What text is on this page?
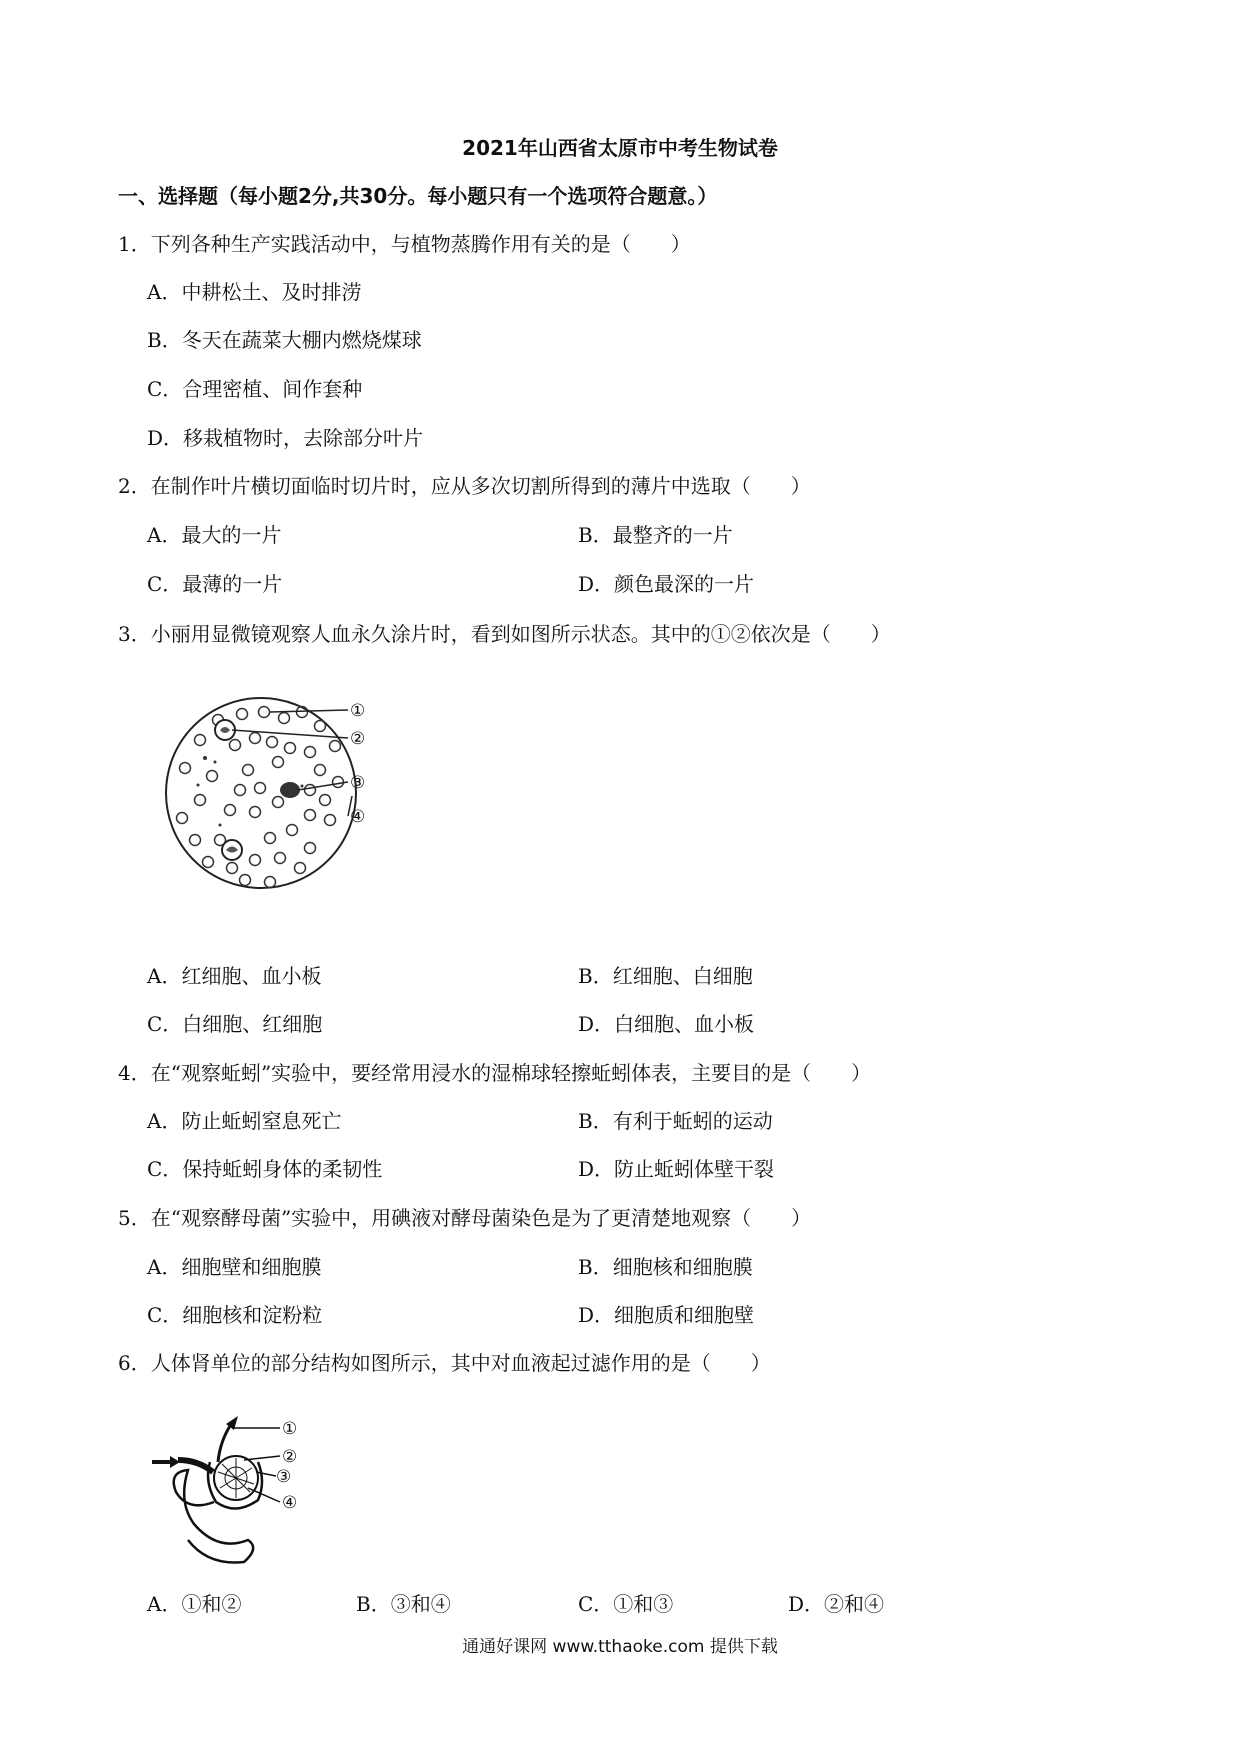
2021年山西省太原市中考生物试卷
一、选择题（每小题2分,共30分。每小题只有一个选项符合题意。）
1．下列各种生产实践活动中，与植物蒸腾作用有关的是（　　）
A．中耕松土、及时排涝
B．冬天在蔬菜大棚内燃烧煤球
C．合理密植、间作套种
D．移栽植物时，去除部分叶片
2．在制作叶片横切面临时切片时，应从多次切割所得到的薄片中选取（　　）
A．最大的一片	B．最整齐的一片
C．最薄的一片	D．颜色最深的一片
3．小丽用显微镜观察人血永久涂片时，看到如图所示状态。其中的①②依次是（　　）
①
②
③
④
A．红细胞、血小板	B．红细胞、白细胞
C．白细胞、红细胞	D．白细胞、血小板
4．在“观察蚯蚓”实验中，要经常用浸水的湿棉球轻擦蚯蚓体表，主要目的是（　　）
A．防止蚯蚓窒息死亡	B．有利于蚯蚓的运动
C．保持蚯蚓身体的柔韧性	D．防止蚯蚓体壁干裂
5．在“观察酵母菌”实验中，用碘液对酵母菌染色是为了更清楚地观察（　　）
A．细胞壁和细胞膜	B．细胞核和细胞膜
C．细胞核和淀粉粒	D．细胞质和细胞壁
6．人体肾单位的部分结构如图所示，其中对血液起过滤作用的是（　　）
①
②
③
④
A．①和②	B．③和④	C．①和③	D．②和④
通通好课网 www.tthaoke.com 提供下载
